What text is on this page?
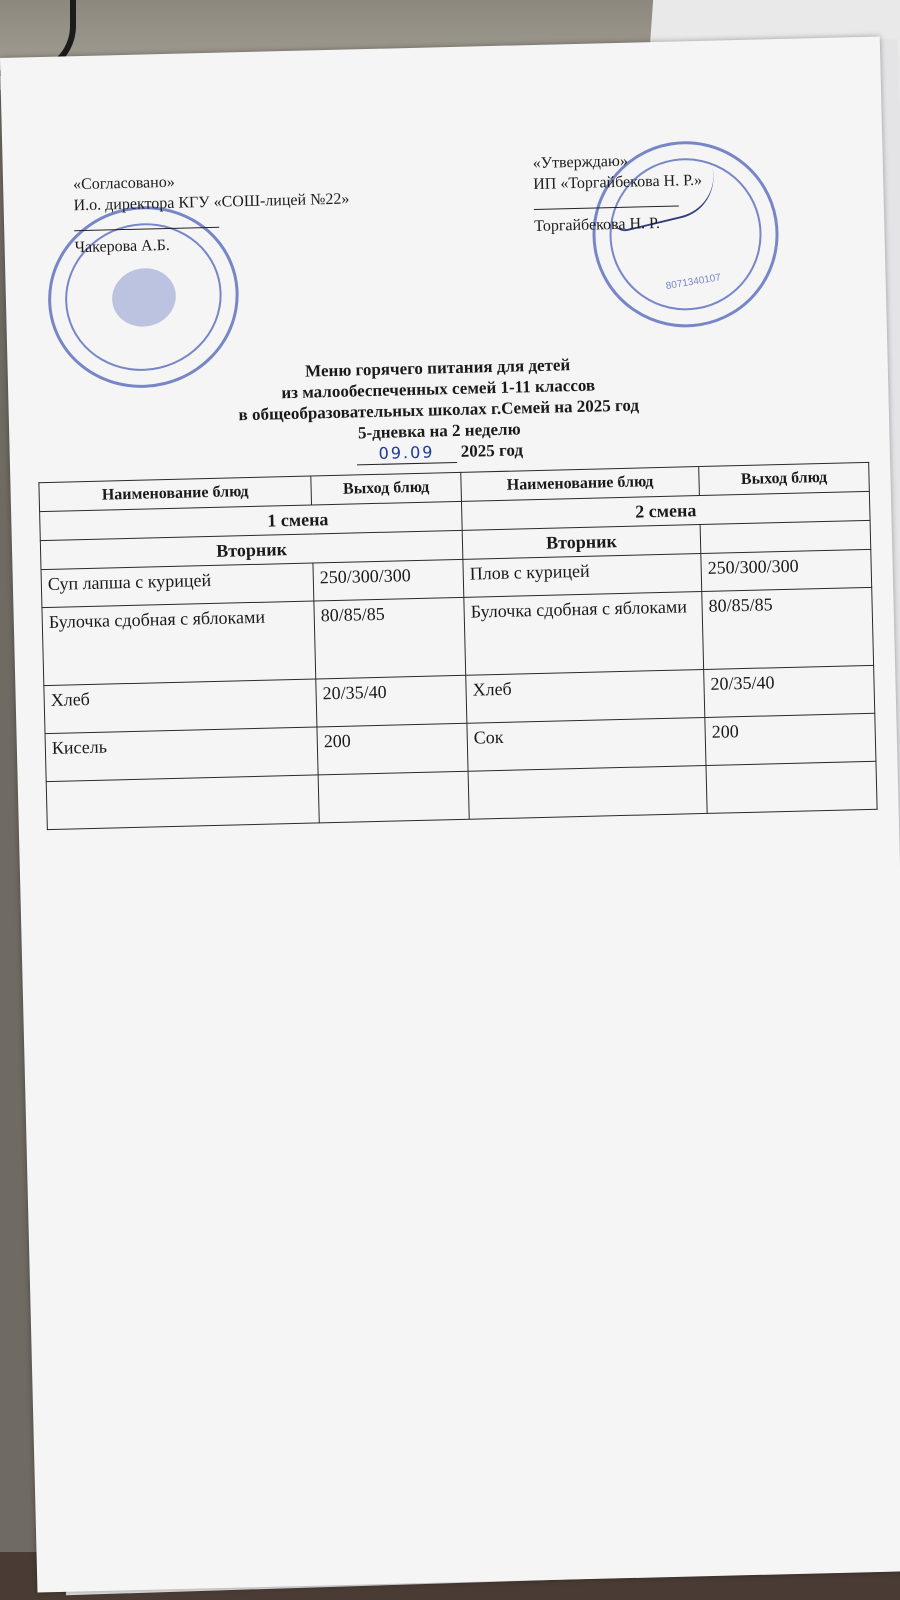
8071340107
«Согласовано»
И.о. директора КГУ «СОШ-лицей №22»
Чакерова А.Б.
«Утверждаю»
ИП «Торгайбекова Н. Р.»
Торгайбекова Н. Р.
Меню горячего питания для детей
из малообеспеченных семей 1-11 классов
в общеобразовательных школах г.Семей на 2025 год
5-дневка на 2 неделю
09.09 2025 год
Наименование блюд	Выход блюд	Наименование блюд	Выход блюд
1 смена		2 смена	
Вторник		Вторник	
Суп лапша с курицей	250/300/300	Плов с курицей	250/300/300
Булочка сдобная с яблоками	80/85/85	Булочка сдобная с яблоками	80/85/85
Хлеб	20/35/40	Хлеб	20/35/40
Кисель	200	Сок	200
